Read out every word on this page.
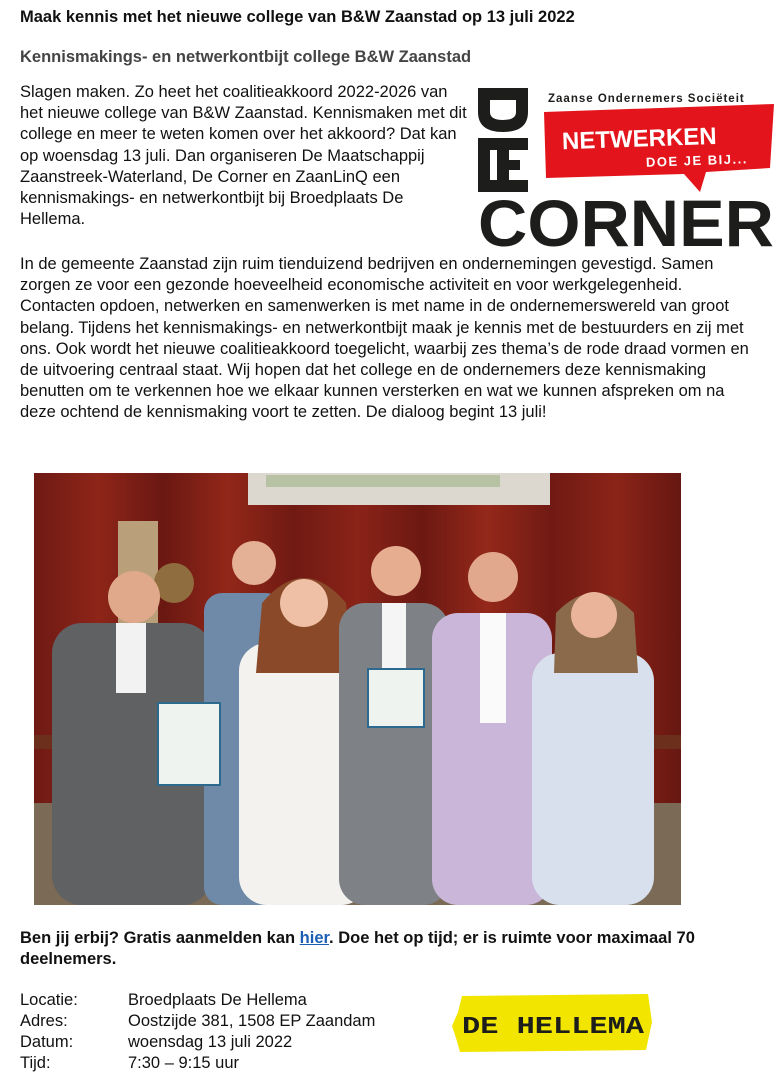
Maak kennis met het nieuwe college van B&W Zaanstad op 13 juli 2022
Kennismakings- en netwerkontbijt college B&W Zaanstad

Slagen maken. Zo heet het coalitieakkoord 2022-2026 van het nieuwe college van B&W Zaanstad. Kennismaken met dit college en meer te weten komen over het akkoord? Dat kan op woensdag 13 juli. Dan organiseren De Maatschappij Zaanstreek-Waterland, De Corner en ZaanLinQ een kennismakings- en netwerkontbijt bij Broedplaats De Hellema.

Zaanse Ondernemers Sociëteit
NETWERKEN
DOE JE BIJ...
CORNER

In de gemeente Zaanstad zijn ruim tienduizend bedrijven en ondernemingen gevestigd. Samen zorgen ze voor een gezonde hoeveelheid economische activiteit en voor werkgelegenheid. Contacten opdoen, netwerken en samenwerken is met name in de ondernemerswereld van groot belang. Tijdens het kennismakings- en netwerkontbijt maak je kennis met de bestuurders en zij met ons. Ook wordt het nieuwe coalitieakkoord toegelicht, waarbij zes thema’s de rode draad vormen en de uitvoering centraal staat. Wij hopen dat het college en de ondernemers deze kennismaking benutten om te verkennen hoe we elkaar kunnen versterken en wat we kunnen afspreken om na deze ochtend de kennismaking voort te zetten. De dialoog begint 13 juli!

Ben jij erbij? Gratis aanmelden kan hier. Doe het op tijd; er is ruimte voor maximaal 70 deelnemers.

Locatie:	Broedplaats De Hellema
Adres:	Oostzijde 381, 1508 EP Zaandam
Datum:	woensdag 13 juli 2022
Tijd:	7:30 – 9:15 uur
DE HELLEMA
